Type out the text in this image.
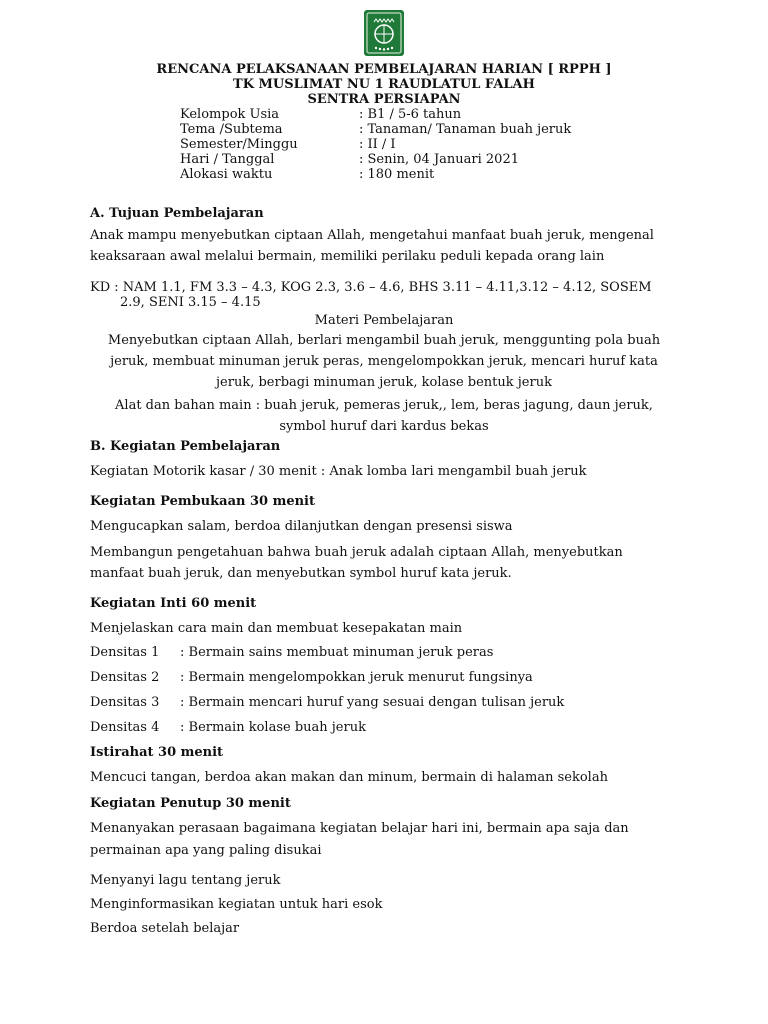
RENCANA PELAKSANAAN PEMBELAJARAN HARIAN [ RPPH ]
TK MUSLIMAT NU 1 RAUDLATUL FALAH
SENTRA PERSIAPAN
Kelompok Usia	: B1 / 5-6 tahun
Tema /Subtema	: Tanaman/ Tanaman buah jeruk
Semester/Minggu	: II / I
Hari / Tanggal	: Senin, 04 Januari 2021
Alokasi waktu	: 180 menit
A. Tujuan Pembelajaran
Anak mampu menyebutkan ciptaan Allah, mengetahui manfaat buah jeruk, mengenal
keaksaraan awal melalui bermain, memiliki perilaku peduli kepada orang lain
KD : NAM 1.1, FM 3.3 – 4.3, KOG 2.3, 3.6 – 4.6, BHS 3.11 – 4.11,3.12 – 4.12, SOSEM
2.9, SENI 3.15 – 4.15
Materi Pembelajaran
Menyebutkan ciptaan Allah, berlari mengambil buah jeruk, menggunting pola buah
jeruk, membuat minuman jeruk peras, mengelompokkan jeruk, mencari huruf kata
jeruk, berbagi minuman jeruk, kolase bentuk jeruk
Alat dan bahan main : buah jeruk, pemeras jeruk,, lem, beras jagung, daun jeruk,
symbol huruf dari kardus bekas
B. Kegiatan Pembelajaran
Kegiatan Motorik kasar / 30 menit : Anak lomba lari mengambil buah jeruk
Kegiatan Pembukaan 30 menit
Mengucapkan salam, berdoa dilanjutkan dengan presensi siswa
Membangun pengetahuan bahwa buah jeruk adalah ciptaan Allah, menyebutkan
manfaat buah jeruk, dan menyebutkan symbol huruf kata jeruk.
Kegiatan Inti 60 menit
Menjelaskan cara main dan membuat kesepakatan main
Densitas 1 : Bermain sains membuat minuman jeruk peras
Densitas 2 : Bermain mengelompokkan jeruk menurut fungsinya
Densitas 3 : Bermain mencari huruf yang sesuai dengan tulisan jeruk
Densitas 4 : Bermain kolase buah jeruk
Istirahat 30 menit
Mencuci tangan, berdoa akan makan dan minum, bermain di halaman sekolah
Kegiatan Penutup 30 menit
Menanyakan perasaan bagaimana kegiatan belajar hari ini, bermain apa saja dan
permainan apa yang paling disukai
Menyanyi lagu tentang jeruk
Menginformasikan kegiatan untuk hari esok
Berdoa setelah belajar
